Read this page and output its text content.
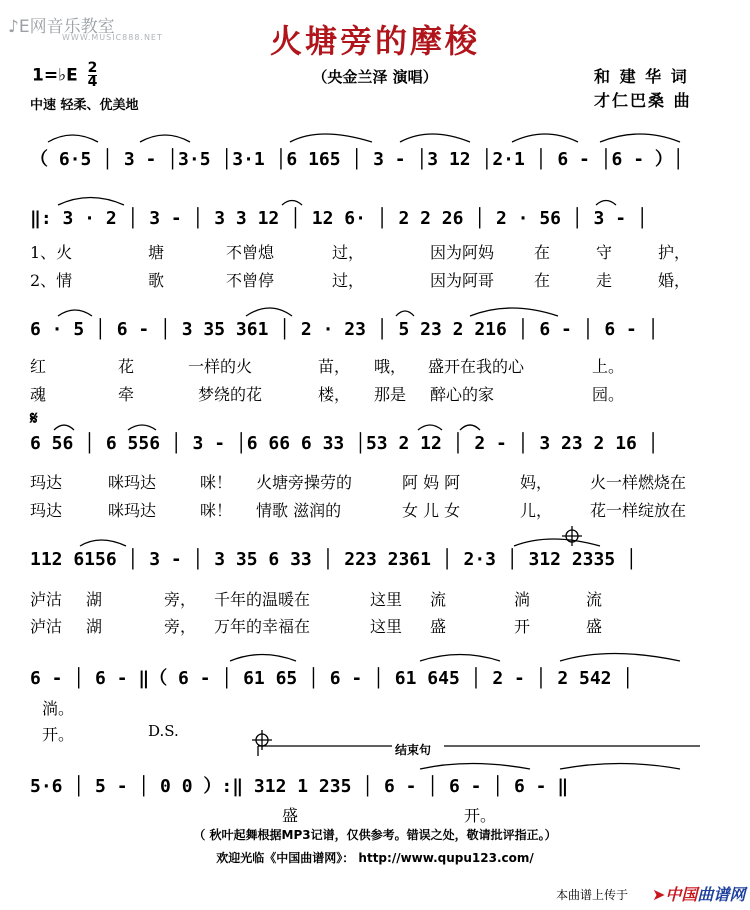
♪E网音乐教室
WWW.MUSIC888.NET	火塘旁的摩梭
（央金兰泽 演唱）
1=♭E $\frac{2}{4}$
中速 轻柔、优美地
和 建 华 词
才仁巴桑 曲
（ 6·5 │ 3 - │3·5 │3·1 │6 165 │ 3 - │3 12 │2·1 │ 6 - │6 - ）│
‖: 3 · 2 │ 3 - │ 3 3 12 │ 12 6· │ 2 2 26 │ 2 · 56 │ 3 - │
6 · 5 │ 6 - │ 3 35 361 │ 2 · 23 │ 5 23 2 216 │ 6 - │ 6 - │
6 56 │ 6 556 │ 3 - │6 66 6 33 │53 2 12 │ 2 - │ 3 23 2 16 │
112 6156 │ 3 - │ 3 35 6 33 │ 223 2361 │ 2·3 │ 312 2335 │
6 - │ 6 - ‖（ 6 - │ 61 65 │ 6 - │ 61 645 │ 2 - │ 2 542 │
5·6 │ 5 - │ 0 0 ）:‖ 312 1 235 │ 6 - │ 6 - │ 6 - ‖
1、火	塘	不曾熄	过，	因为阿妈 在	守	护，
2、情	歌	不曾停	过，	因为阿哥 在	走	婚，
红	花	一样的火	苗， 哦， 盛开在我的心	上。
魂	牵	梦绕的花	楼， 那是 醉心的家	园。
玛达	咪玛达	咪！ 火塘旁操劳的	阿 妈 阿	妈， 火一样燃烧在
玛达	咪玛达	咪！ 情歌 滋润的	女 儿 女	儿， 花一样绽放在
泸沽 湖	旁， 千年的温暖在	这里 流	淌	流
泸沽 湖	旁， 万年的幸福在	这里 盛	开	盛
淌。
开。	D.S.
结束句
盛	开。
（ 秋叶起舞根据MP3记谱，仅供参考。错误之处，敬请批评指正。）
欢迎光临《中国曲谱网》： http://www.qupu123.com/
本曲谱上传于 ➤中国曲谱网
𝄋
